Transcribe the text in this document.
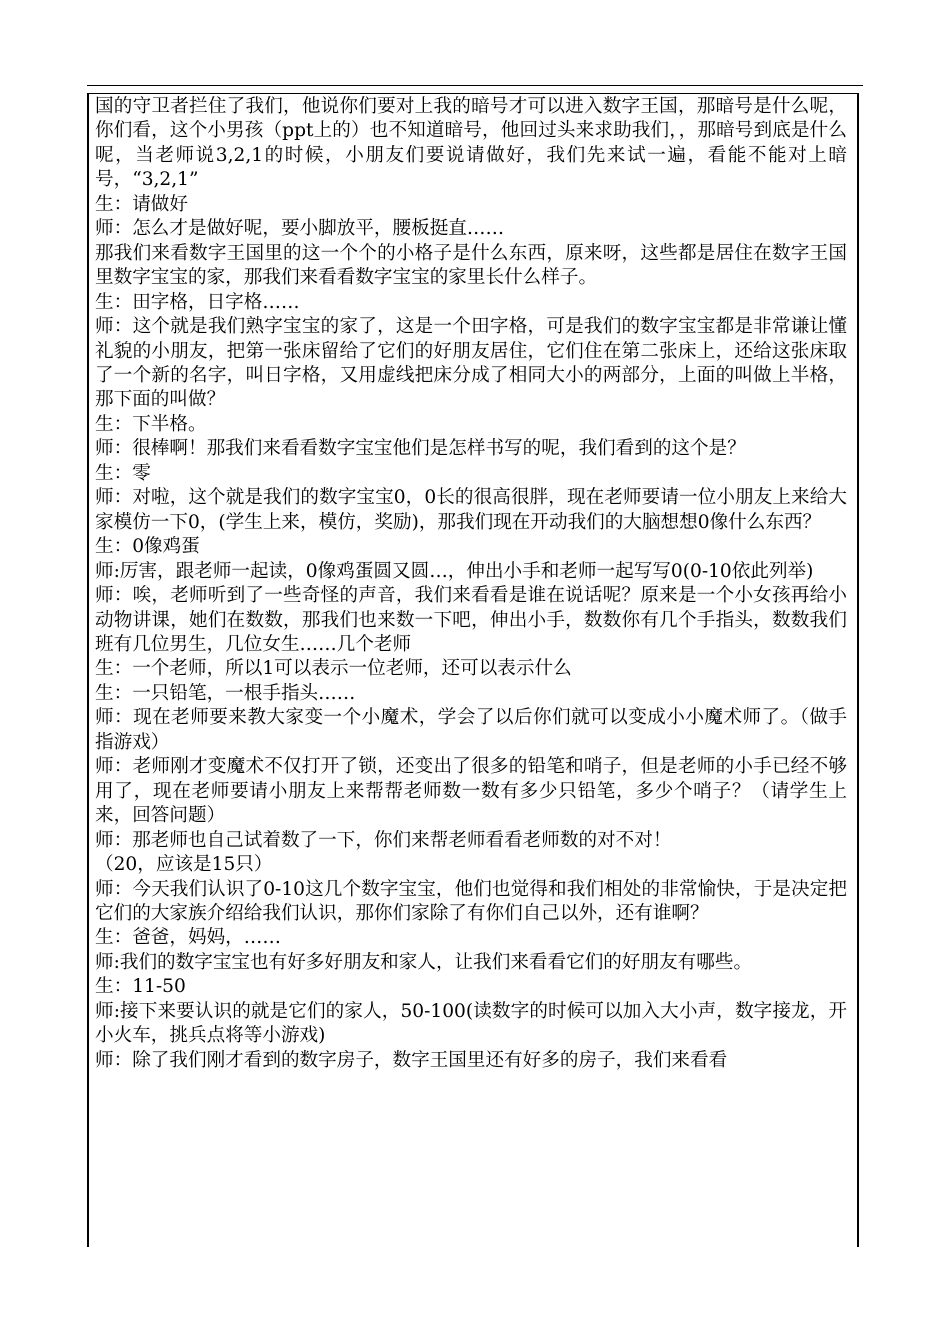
国的守卫者拦住了我们，他说你们要对上我的暗号才可以进入数字王国，那暗号是什么呢，你们看，这个小男孩（ppt上的）也不知道暗号，他回过头来求助我们，，那暗号到底是什么呢，当老师说3,2,1的时候，小朋友们要说请做好，我们先来试一遍，看能不能对上暗号，“3,2,1”

生：请做好

师：怎么才是做好呢，要小脚放平，腰板挺直……

那我们来看数字王国里的这一个个的小格子是什么东西，原来呀，这些都是居住在数字王国里数字宝宝的家，那我们来看看数字宝宝的家里长什么样子。

生：田字格，日字格……

师：这个就是我们熟字宝宝的家了，这是一个田字格，可是我们的数字宝宝都是非常谦让懂礼貌的小朋友，把第一张床留给了它们的好朋友居住，它们住在第二张床上，还给这张床取了一个新的名字，叫日字格，又用虚线把床分成了相同大小的两部分，上面的叫做上半格，那下面的叫做？

生：下半格。

师：很棒啊！那我们来看看数字宝宝他们是怎样书写的呢，我们看到的这个是？

生：零

师：对啦，这个就是我们的数字宝宝0，0长的很高很胖，现在老师要请一位小朋友上来给大家模仿一下0，(学生上来，模仿，奖励)，那我们现在开动我们的大脑想想0像什么东西？

生：0像鸡蛋

师:厉害，跟老师一起读，0像鸡蛋圆又圆…，伸出小手和老师一起写写0(0-10依此列举)

师：唉，老师听到了一些奇怪的声音，我们来看看是谁在说话呢？原来是一个小女孩再给小动物讲课，她们在数数，那我们也来数一下吧，伸出小手，数数你有几个手指头，数数我们班有几位男生，几位女生……几个老师

生：一个老师，所以1可以表示一位老师，还可以表示什么

生：一只铅笔，一根手指头……

师：现在老师要来教大家变一个小魔术，学会了以后你们就可以变成小小魔术师了。（做手指游戏）

师：老师刚才变魔术不仅打开了锁，还变出了很多的铅笔和哨子，但是老师的小手已经不够用了，现在老师要请小朋友上来帮帮老师数一数有多少只铅笔，多少个哨子？（请学生上来，回答问题）

师：那老师也自己试着数了一下，你们来帮老师看看老师数的对不对！

（20，应该是15只）

师：今天我们认识了0-10这几个数字宝宝，他们也觉得和我们相处的非常愉快，于是决定把它们的大家族介绍给我们认识，那你们家除了有你们自己以外，还有谁啊？

生：爸爸，妈妈，……

师:我们的数字宝宝也有好多好朋友和家人，让我们来看看它们的好朋友有哪些。

生：11-50

师:接下来要认识的就是它们的家人，50-100(读数字的时候可以加入大小声，数字接龙，开小火车，挑兵点将等小游戏)

师：除了我们刚才看到的数字房子，数字王国里还有好多的房子，我们来看看
